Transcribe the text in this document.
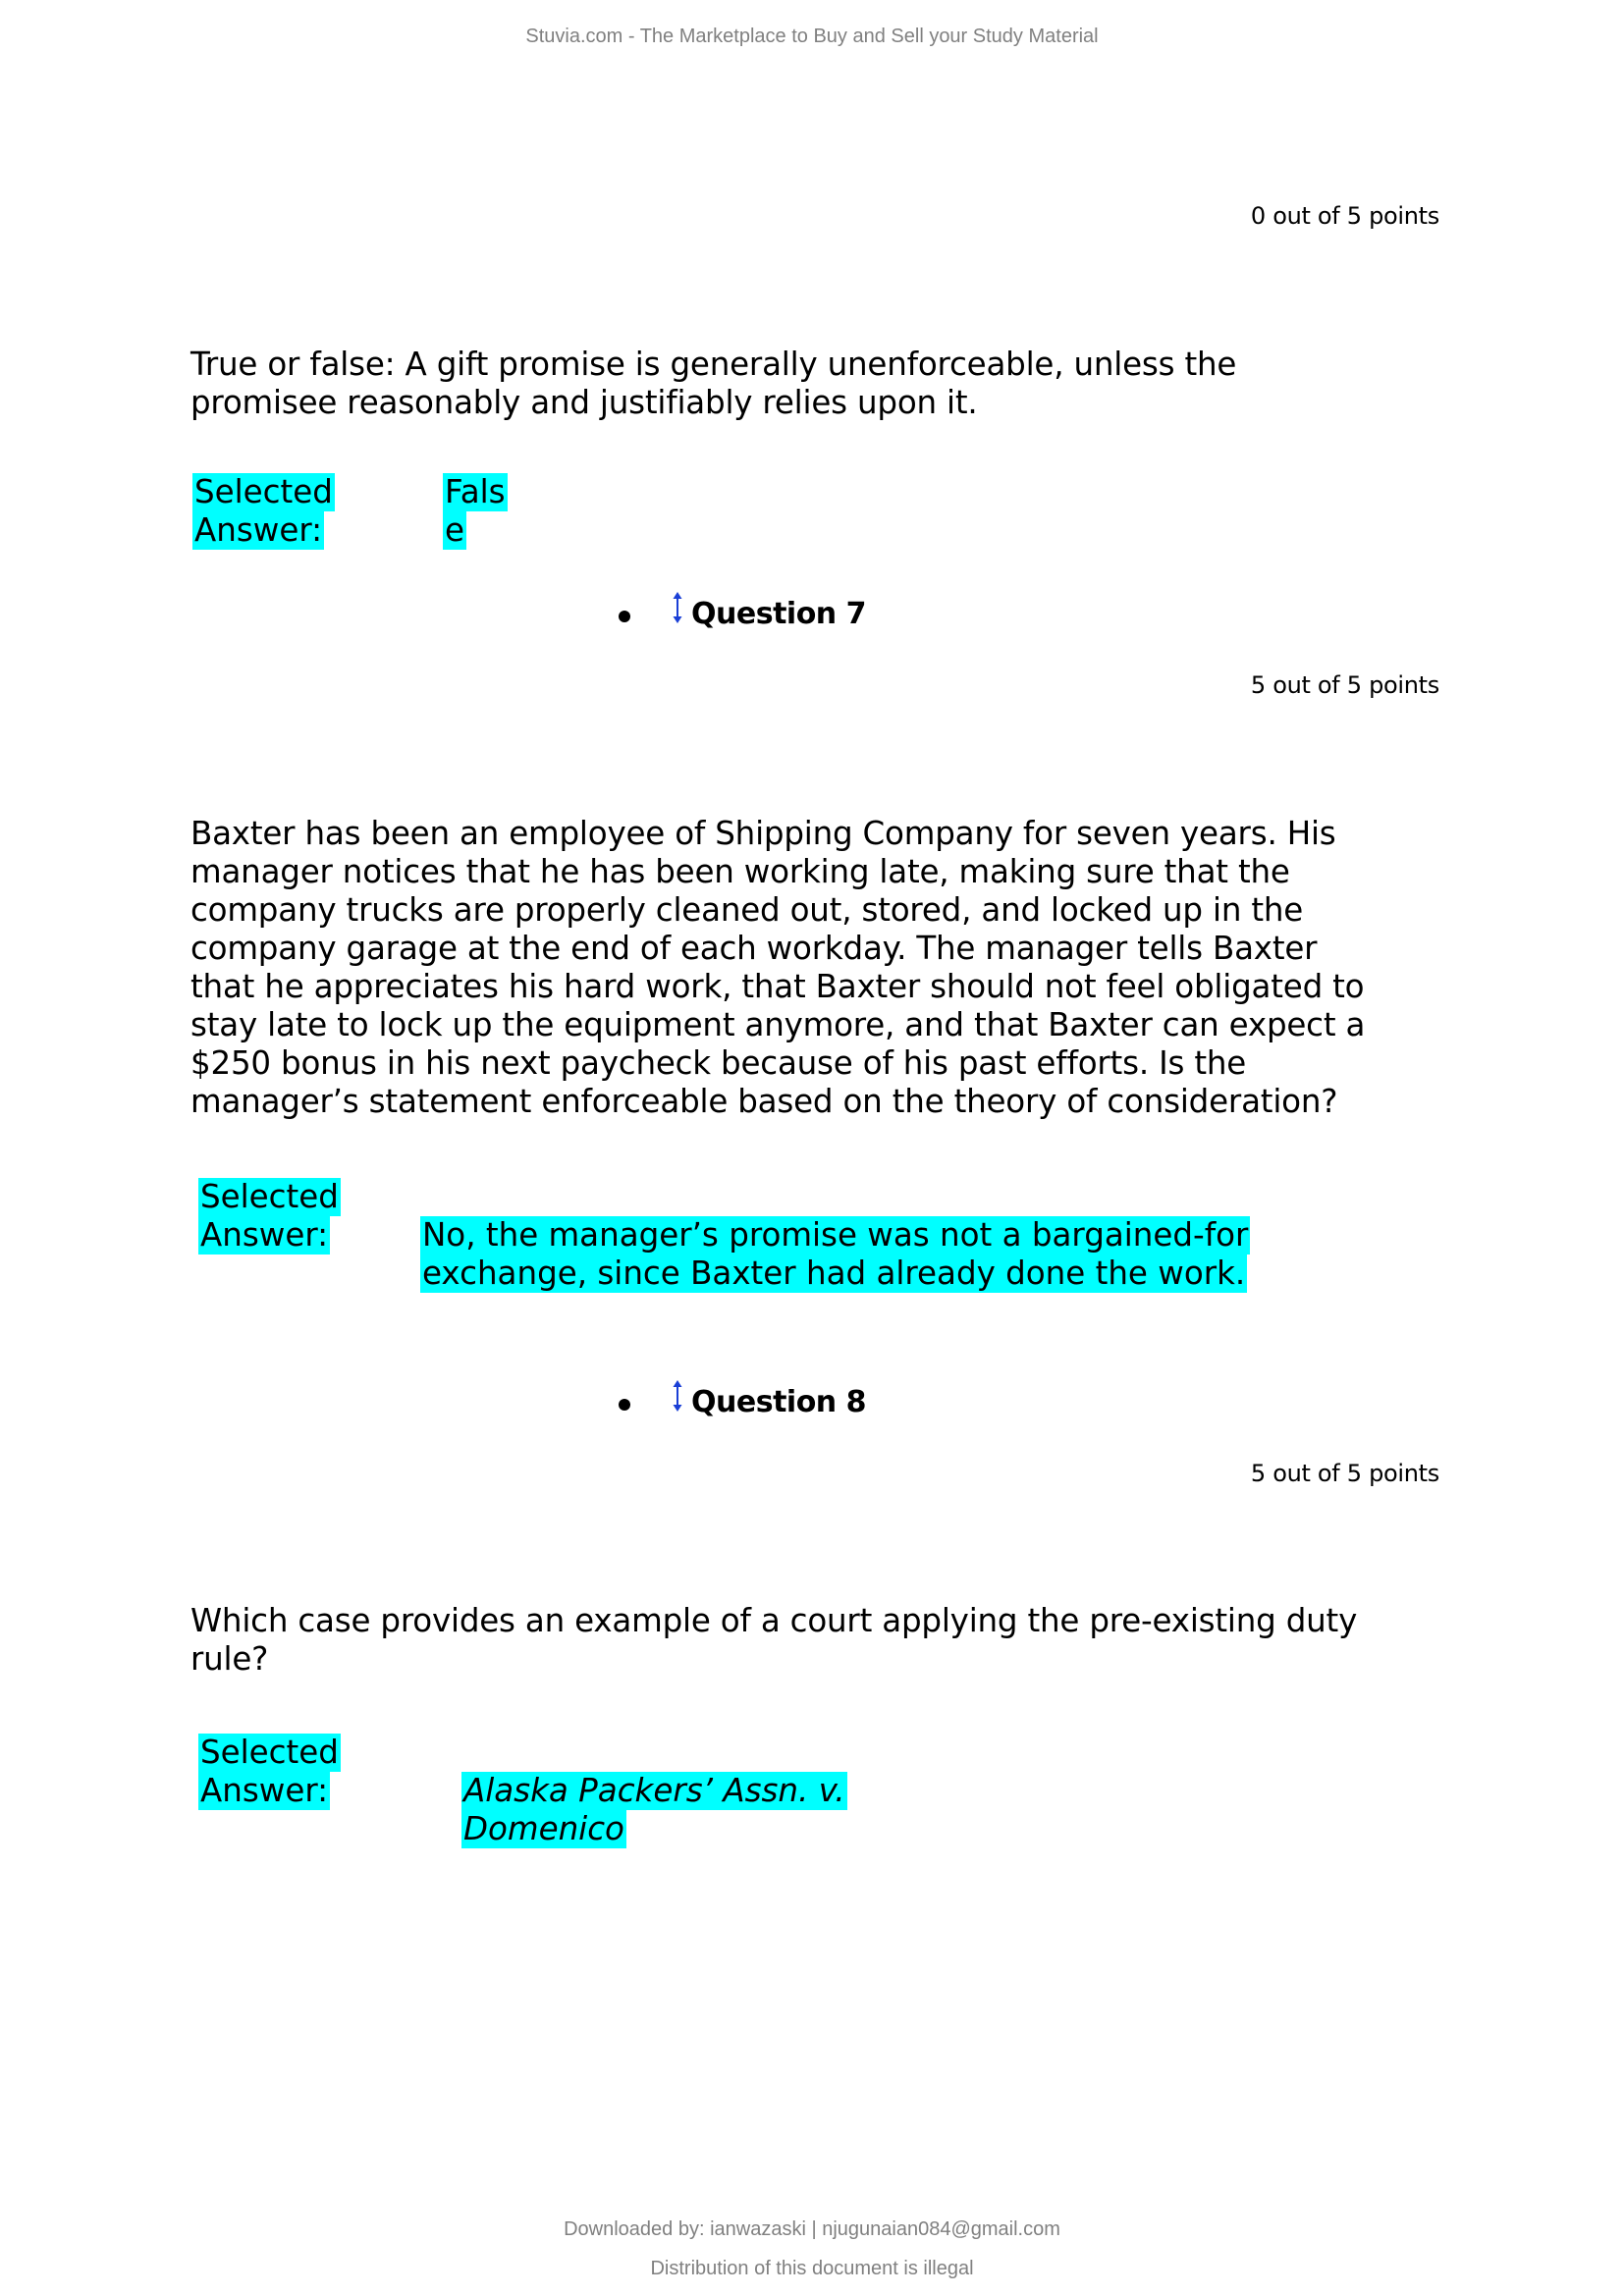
Stuvia.com - The Marketplace to Buy and Sell your Study Material
0 out of 5 points
True or false: A gift promise is generally unenforceable, unless the
promisee reasonably and justifiably relies upon it.
Selected
Answer:
Fals
e
Question 7
5 out of 5 points
Baxter has been an employee of Shipping Company for seven years. His
manager notices that he has been working late, making sure that the
company trucks are properly cleaned out, stored, and locked up in the
company garage at the end of each workday. The manager tells Baxter
that he appreciates his hard work, that Baxter should not feel obligated to
stay late to lock up the equipment anymore, and that Baxter can expect a
$250 bonus in his next paycheck because of his past efforts. Is the
manager’s statement enforceable based on the theory of consideration?
Selected
Answer:	No, the manager’s promise was not a bargained-for
exchange, since Baxter had already done the work.
Question 8
5 out of 5 points
Which case provides an example of a court applying the pre-existing duty
rule?
Selected
Answer:	Alaska Packers’ Assn. v.
Domenico
Downloaded by: ianwazaski | njugunaian084@gmail.com
Distribution of this document is illegal
